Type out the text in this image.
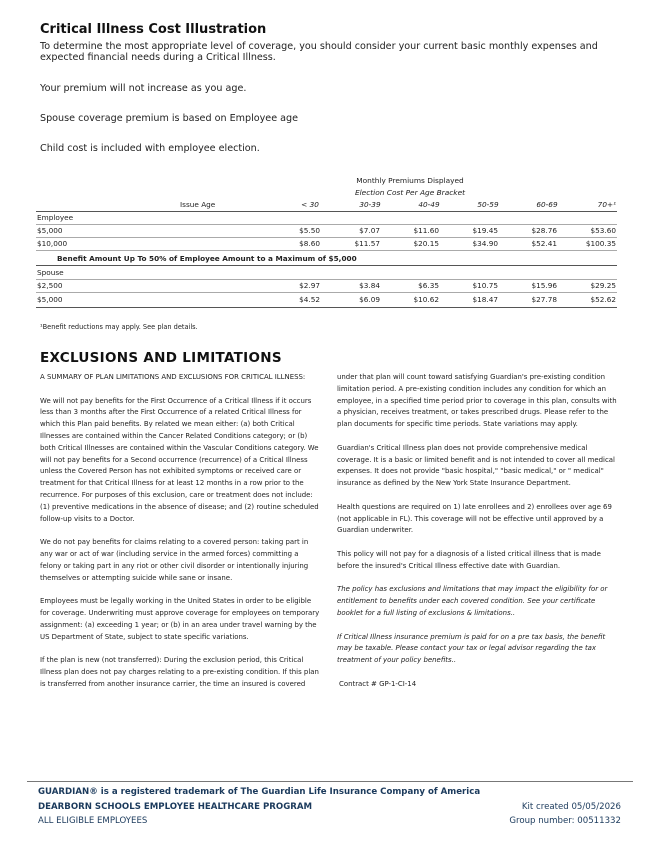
Critical Illness Cost Illustration
To determine the most appropriate level of coverage, you should consider your current basic monthly expenses and expected financial needs during a Critical Illness.
Your premium will not increase as you age.
Spouse coverage premium is based on Employee age
Child cost is included with employee election.
Monthly Premiums Displayed
Election Cost Per Age Bracket
Issue Age	< 30	30-39	40-49	50-59	60-69	70+¹
Employee
$5,000	$5.50	$7.07	$11.60	$19.45	$28.76	$53.60
$10,000	$8.60	$11.57	$20.15	$34.90	$52.41	$100.35
Benefit Amount Up To 50% of Employee Amount to a Maximum of $5,000
Spouse
$2,500	$2.97	$3.84	$6.35	$10.75	$15.96	$29.25
$5,000	$4.52	$6.09	$10.62	$18.47	$27.78	$52.62
¹Benefit reductions may apply. See plan details.
EXCLUSIONS AND LIMITATIONS

A SUMMARY OF PLAN LIMITATIONS AND EXCLUSIONS FOR CRITICAL ILLNESS:

We will not pay benefits for the First Occurrence of a Critical Illness if it occurs less than 3 months after the First Occurrence of a related Critical Illness for which this Plan paid benefits. By related we mean either: (a) both Critical Illnesses are contained within the Cancer Related Conditions category; or (b) both Critical Illnesses are contained within the Vascular Conditions category. We will not pay benefits for a Second occurrence (recurrence) of a Critical Illness unless the Covered Person has not exhibited symptoms or received care or treatment for that Critical Illness for at least 12 months in a row prior to the recurrence. For purposes of this exclusion, care or treatment does not include: (1) preventive medications in the absence of disease; and (2) routine scheduled follow-up visits to a Doctor.

We do not pay benefits for claims relating to a covered person: taking part in any war or act of war (including service in the armed forces) committing a felony or taking part in any riot or other civil disorder or intentionally injuring themselves or attempting suicide while sane or insane.

Employees must be legally working in the United States in order to be eligible for coverage. Underwriting must approve coverage for employees on temporary assignment: (a) exceeding 1 year; or (b) in an area under travel warning by the US Department of State, subject to state specific variations.

If the plan is new (not transferred): During the exclusion period, this Critical Illness plan does not pay charges relating to a pre-existing condition. If this plan is transferred from another insurance carrier, the time an insured is covered

under that plan will count toward satisfying Guardian's pre-existing condition limitation period. A pre-existing condition includes any condition for which an employee, in a specified time period prior to coverage in this plan, consults with a physician, receives treatment, or takes prescribed drugs. Please refer to the plan documents for specific time periods. State variations may apply.

Guardian's Critical Illness plan does not provide comprehensive medical coverage. It is a basic or limited benefit and is not intended to cover all medical expenses. It does not provide "basic hospital," "basic medical," or " medical" insurance as defined by the New York State Insurance Department.

Health questions are required on 1) late enrollees and 2) enrollees over age 69 (not applicable in FL). This coverage will not be effective until approved by a Guardian underwriter.

This policy will not pay for a diagnosis of a listed critical illness that is made before the insured's Critical Illness effective date with Guardian.

The policy has exclusions and limitations that may impact the eligibility for or entitlement to benefits under each covered condition. See your certificate booklet for a full listing of exclusions & limitations..

If Critical Illness insurance premium is paid for on a pre tax basis, the benefit may be taxable. Please contact your tax or legal advisor regarding the tax treatment of your policy benefits..

Contract # GP-1-CI-14

GUARDIAN® is a registered trademark of The Guardian Life Insurance Company of America
DEARBORN SCHOOLS EMPLOYEE HEALTHCARE PROGRAM
ALL ELIGIBLE EMPLOYEES
Kit created 05/05/2026
Group number: 00511332
